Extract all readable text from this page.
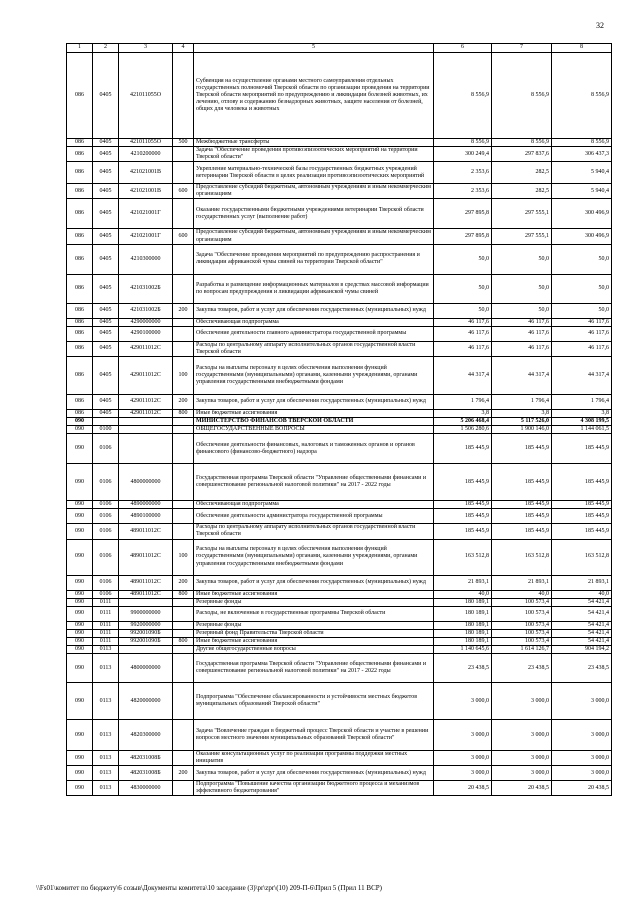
32
1	2	3	4	5	6	7	8
086	0405	421011055О		Субвенция на осуществление органами местного самоуправления отдельных государственных полномочий Тверской области по организации проведения на территории Тверской области мероприятий по предупреждению и ликвидации болезней животных, их лечению, отлову и содержанию безнадзорных животных, защите населения от болезней, общих для человека и животных	8 556,9	8 556,9	8 556,9
086	0405	421011055О	500	Межбюджетные трансферты	8 556,9	8 556,9	8 556,9
086	0405	4210200000		Задача "Обеспечение проведения противоэпизоотических мероприятий на территории Тверской области"	300 249,4	297 837,6	306 437,3
086	0405	421021001В		Укрепление материально-технической базы государственных бюджетных учреждений ветеринарии Тверской области в целях реализации противоэпизоотических мероприятий	2 353,6	282,5	5 940,4
086	0405	421021001В	600	Предоставление субсидий бюджетным, автономным учреждениям и иным некоммерческим организациям	2 353,6	282,5	5 940,4
086	0405	421021001Г		Оказание государственными бюджетными учреждениями ветеринарии Тверской области государственных услуг (выполнение работ)	297 895,8	297 555,1	300 496,9
086	0405	421021001Г	600	Предоставление субсидий бюджетным, автономным учреждениям и иным некоммерческим организациям	297 895,8	297 555,1	300 496,9
086	0405	4210300000		Задача "Обеспечение проведения мероприятий по предупреждению распространения и ликвидации африканской чумы свиней на территории Тверской области"	50,0	50,0	50,0
086	0405	421031002Б		Разработка и размещение информационных материалов в средствах массовой информации по вопросам предупреждения и ликвидации африканской чумы свиней	50,0	50,0	50,0
086	0405	421031002Б	200	Закупка товаров, работ и услуг для обеспечения государственных (муниципальных) нужд	50,0	50,0	50,0
086	0405	4290000000		Обеспечивающая подпрограмма	46 117,6	46 117,6	46 117,6
086	0405	4290100000		Обеспечение деятельности главного администратора государственной программы	46 117,6	46 117,6	46 117,6
086	0405	429011012С		Расходы по центральному аппарату исполнительных органов государственной власти Тверской области	46 117,6	46 117,6	46 117,6
086	0405	429011012С	100	Расходы на выплаты персоналу в целях обеспечения выполнения функций государственными (муниципальными) органами, казенными учреждениями, органами управления государственными внебюджетными фондами	44 317,4	44 317,4	44 317,4
086	0405	429011012С	200	Закупка товаров, работ и услуг для обеспечения государственных (муниципальных) нужд	1 796,4	1 796,4	1 796,4
086	0405	429011012С	800	Иные бюджетные ассигнования	3,8	3,8	3,8
090				МИНИСТЕРСТВО ФИНАНСОВ ТВЕРСКОЙ ОБЛАСТИ	5 206 468,4	5 117 526,0	4 308 199,5
090	0100			ОБЩЕГОСУДАРСТВЕННЫЕ ВОПРОСЫ	1 506 280,6	1 900 146,0	1 144 061,5
090	0106			Обеспечение деятельности финансовых, налоговых и таможенных органов и органов финансового (финансово-бюджетного) надзора	185 445,9	185 445,9	185 445,9
090	0106	4800000000		Государственная программа Тверской области "Управление общественными финансами и совершенствование региональной налоговой политики" на 2017 - 2022 годы	185 445,9	185 445,9	185 445,9
090	0106	4890000000		Обеспечивающая подпрограмма	185 445,9	185 445,9	185 445,9
090	0106	4890100000		Обеспечение деятельности администратора государственной программы	185 445,9	185 445,9	185 445,9
090	0106	489011012С		Расходы по центральному аппарату исполнительных органов государственной власти Тверской области	185 445,9	185 445,9	185 445,9
090	0106	489011012С	100	Расходы на выплаты персоналу в целях обеспечения выполнения функций государственными (муниципальными) органами, казенными учреждениями, органами управления государственными внебюджетными фондами	163 512,8	163 512,8	163 512,8
090	0106	489011012С	200	Закупка товаров, работ и услуг для обеспечения государственных (муниципальных) нужд	21 893,1	21 893,1	21 893,1
090	0106	489011012С	800	Иные бюджетные ассигнования	40,0	40,0	40,0
090	0111			Резервные фонды	180 189,1	100 573,4	54 421,4
090	0111	9900000000		Расходы, не включенные в государственные программы Тверской области	180 189,1	100 573,4	54 421,4
090	0111	9920000000		Резервные фонды	180 189,1	100 573,4	54 421,4
090	0111	992001090Б		Резервный фонд Правительства Тверской области	180 189,1	100 573,4	54 421,4
090	0111	992001090Б	800	Иные бюджетные ассигнования	180 189,1	100 573,4	54 421,4
090	0113			Другие общегосударственные вопросы	1 140 645,6	1 614 126,7	904 194,2
090	0113	4800000000		Государственная программа Тверской области "Управление общественными финансами и совершенствование региональной налоговой политики" на 2017 - 2022 годы	23 438,5	23 438,5	23 438,5
090	0113	4820000000		Подпрограмма "Обеспечение сбалансированности и устойчивости местных бюджетов муниципальных образований Тверской области"	3 000,0	3 000,0	3 000,0
090	0113	4820300000		Задача "Вовлечение граждан в бюджетный процесс Тверской области и участие в решении вопросов местного значения муниципальных образований Тверской области"	3 000,0	3 000,0	3 000,0
090	0113	482031008Б		Оказание консультационных услуг по реализации программы поддержки местных инициатив	3 000,0	3 000,0	3 000,0
090	0113	482031008Б	200	Закупка товаров, работ и услуг для обеспечения государственных (муниципальных) нужд	3 000,0	3 000,0	3 000,0
090	0113	4830000000		Подпрограмма "Повышение качества организации бюджетного процесса и механизмов эффективного бюджетирования"	20 438,5	20 438,5	20 438,5
\\Fs01\комитет по бюджету\6 созыв\Документы комитета\10 заседание (3)\pr\zpr\(10) 209-П-6\Прил 5 (Прил 11 ВСР)
